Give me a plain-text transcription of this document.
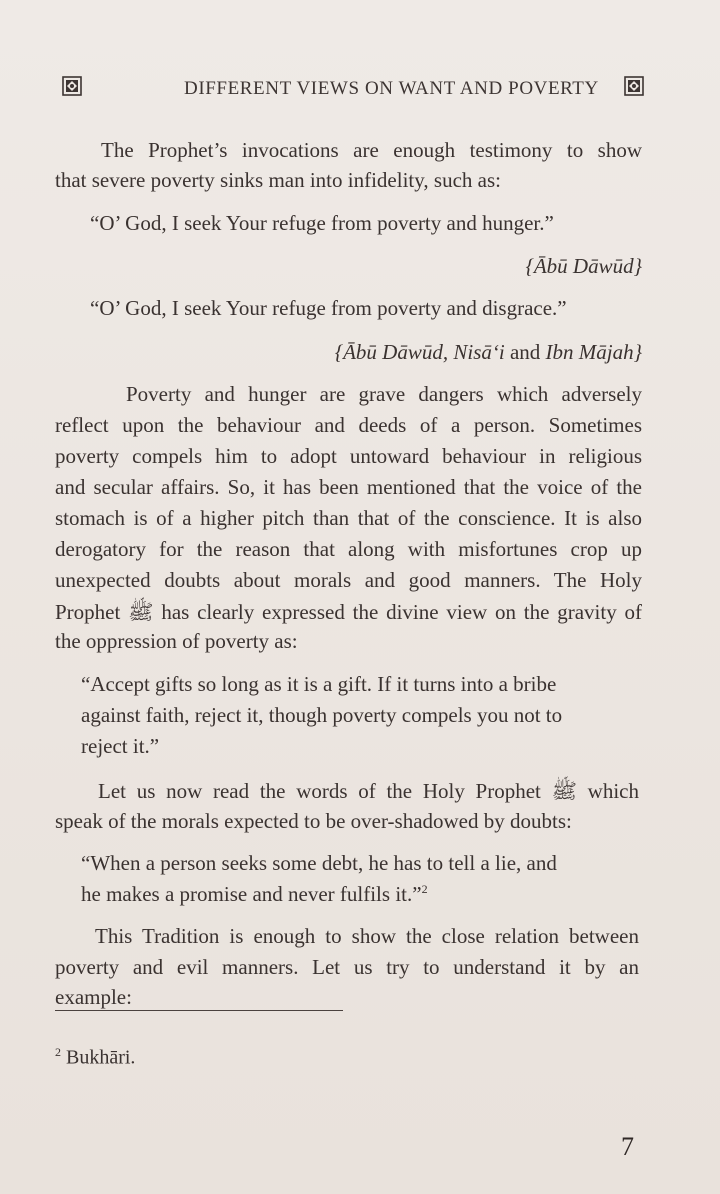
DIFFERENT VIEWS ON WANT AND POVERTY
The Prophet’s invocations are enough testimony to show
that severe poverty sinks man into infidelity, such as:
“O’ God, I seek Your refuge from poverty and hunger.”
{Ābū Dāwūd}
“O’ God, I seek Your refuge from poverty and disgrace.”
{Ābū Dāwūd, Nisā‘i and Ibn Mājah}
Poverty and hunger are grave dangers which adversely
reflect upon the behaviour and deeds of a person. Sometimes
poverty compels him to adopt untoward behaviour in religious
and secular affairs. So, it has been mentioned that the voice of the
stomach is of a higher pitch than that of the conscience. It is also
derogatory for the reason that along with misfortunes crop up
unexpected doubts about morals and good manners. The Holy
Prophet ﷺ has clearly expressed the divine view on the gravity of
the oppression of poverty as:
“Accept gifts so long as it is a gift. If it turns into a bribe
against faith, reject it, though poverty compels you not to
reject it.”
Let us now read the words of the Holy Prophet ﷺ which
speak of the morals expected to be over-shadowed by doubts:
“When a person seeks some debt, he has to tell a lie, and
he makes a promise and never fulfils it.”$^2$
This Tradition is enough to show the close relation between
poverty and evil manners. Let us try to understand it by an
example:
$^2$ Bukhāri.
7
